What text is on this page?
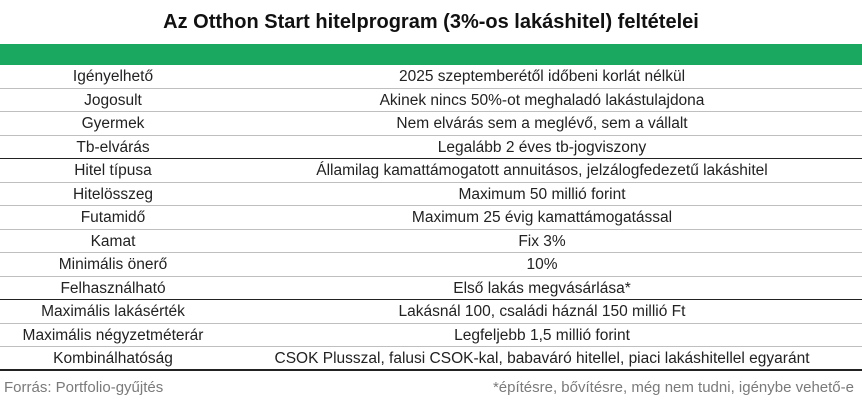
Az Otthon Start hitelprogram (3%-os lakáshitel) feltételei
Igényelhető	2025 szeptemberétől időbeni korlát nélkül
Jogosult	Akinek nincs 50%-ot meghaladó lakástulajdona
Gyermek	Nem elvárás sem a meglévő, sem a vállalt
Tb-elvárás	Legalább 2 éves tb-jogviszony
Hitel típusa	Államilag kamattámogatott annuitásos, jelzálogfedezetű lakáshitel
Hitelösszeg	Maximum 50 millió forint
Futamidő	Maximum 25 évig kamattámogatással
Kamat	Fix 3%
Minimális önerő	10%
Felhasználható	Első lakás megvásárlása*
Maximális lakásérték	Lakásnál 100, családi háznál 150 millió Ft
Maximális négyzetméterár	Legfeljebb 1,5 millió forint
Kombinálhatóság	CSOK Plusszal, falusi CSOK-kal, babaváró hitellel, piaci lakáshitellel egyaránt
Forrás: Portfolio-gyűjtés	*építésre, bővítésre, még nem tudni, igénybe vehető-e
